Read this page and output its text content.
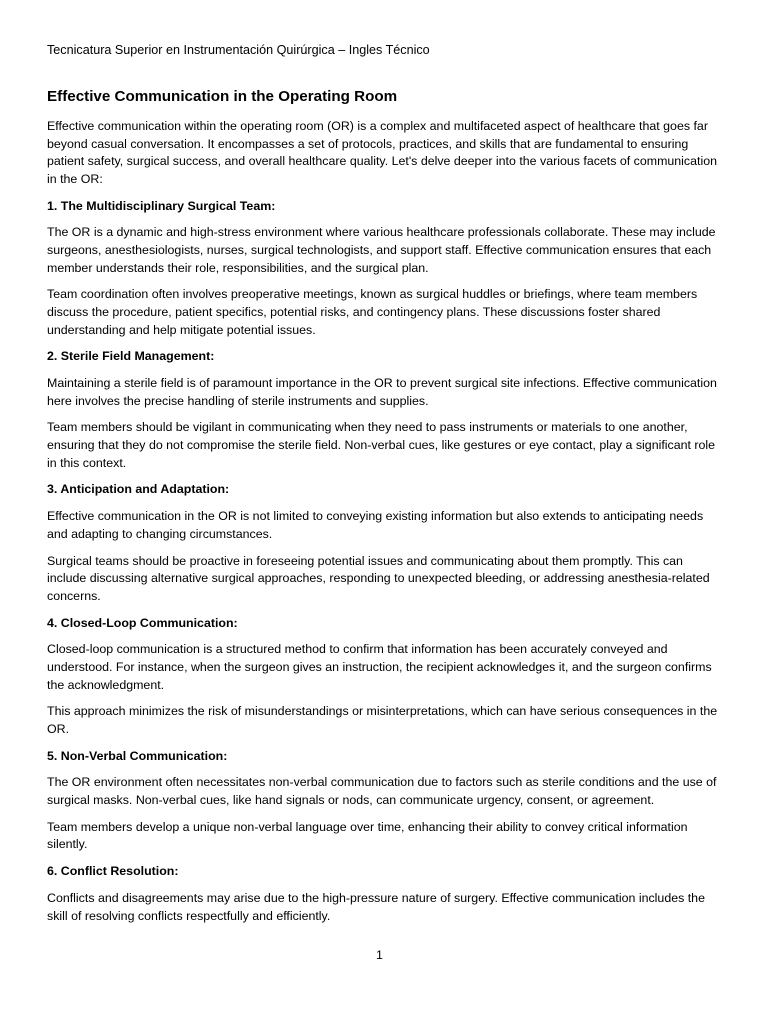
Tecnicatura Superior en Instrumentación Quirúrgica – Ingles Técnico
Effective Communication in the Operating Room

Effective communication within the operating room (OR) is a complex and multifaceted aspect of healthcare that goes far beyond casual conversation. It encompasses a set of protocols, practices, and skills that are fundamental to ensuring patient safety, surgical success, and overall healthcare quality. Let's delve deeper into the various facets of communication in the OR:

1. The Multidisciplinary Surgical Team:

The OR is a dynamic and high-stress environment where various healthcare professionals collaborate. These may include surgeons, anesthesiologists, nurses, surgical technologists, and support staff. Effective communication ensures that each member understands their role, responsibilities, and the surgical plan.

Team coordination often involves preoperative meetings, known as surgical huddles or briefings, where team members discuss the procedure, patient specifics, potential risks, and contingency plans. These discussions foster shared understanding and help mitigate potential issues.

2. Sterile Field Management:

Maintaining a sterile field is of paramount importance in the OR to prevent surgical site infections. Effective communication here involves the precise handling of sterile instruments and supplies.

Team members should be vigilant in communicating when they need to pass instruments or materials to one another, ensuring that they do not compromise the sterile field. Non-verbal cues, like gestures or eye contact, play a significant role in this context.

3. Anticipation and Adaptation:

Effective communication in the OR is not limited to conveying existing information but also extends to anticipating needs and adapting to changing circumstances.

Surgical teams should be proactive in foreseeing potential issues and communicating about them promptly. This can include discussing alternative surgical approaches, responding to unexpected bleeding, or addressing anesthesia-related concerns.

4. Closed-Loop Communication:

Closed-loop communication is a structured method to confirm that information has been accurately conveyed and understood. For instance, when the surgeon gives an instruction, the recipient acknowledges it, and the surgeon confirms the acknowledgment.

This approach minimizes the risk of misunderstandings or misinterpretations, which can have serious consequences in the OR.

5. Non-Verbal Communication:

The OR environment often necessitates non-verbal communication due to factors such as sterile conditions and the use of surgical masks. Non-verbal cues, like hand signals or nods, can communicate urgency, consent, or agreement.

Team members develop a unique non-verbal language over time, enhancing their ability to convey critical information silently.

6. Conflict Resolution:

Conflicts and disagreements may arise due to the high-pressure nature of surgery. Effective communication includes the skill of resolving conflicts respectfully and efficiently.

1
